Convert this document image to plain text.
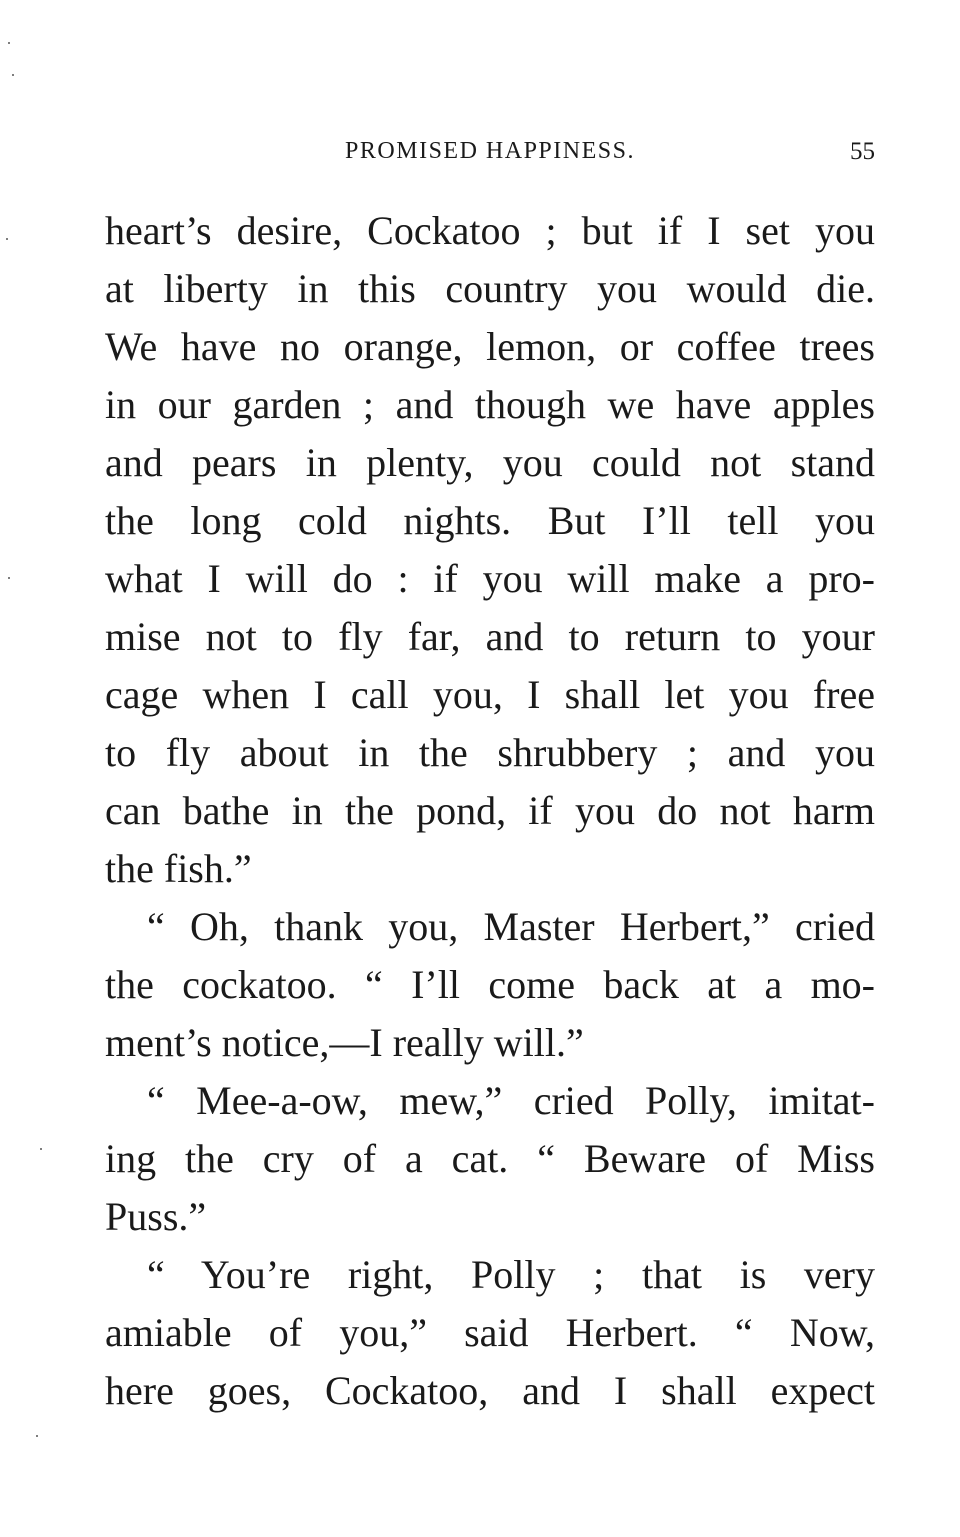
PROMISED HAPPINESS.	55
heart’s desire, Cockatoo ; but if I set you
at liberty in this country you would die.
We have no orange, lemon, or coffee trees
in our garden ; and though we have apples
and pears in plenty, you could not stand
the long cold nights. But I’ll tell you
what I will do : if you will make a pro-
mise not to fly far, and to return to your
cage when I call you, I shall let you free
to fly about in the shrubbery ; and you
can bathe in the pond, if you do not harm
the fish.”
“ Oh, thank you, Master Herbert,” cried
the cockatoo. “ I’ll come back at a mo-
ment’s notice,—I really will.”
“ Mee-a-ow, mew,” cried Polly, imitat-
ing the cry of a cat. “ Beware of Miss
Puss.”
“ You’re right, Polly ; that is very
amiable of you,” said Herbert. “ Now,
here goes, Cockatoo, and I shall expect
